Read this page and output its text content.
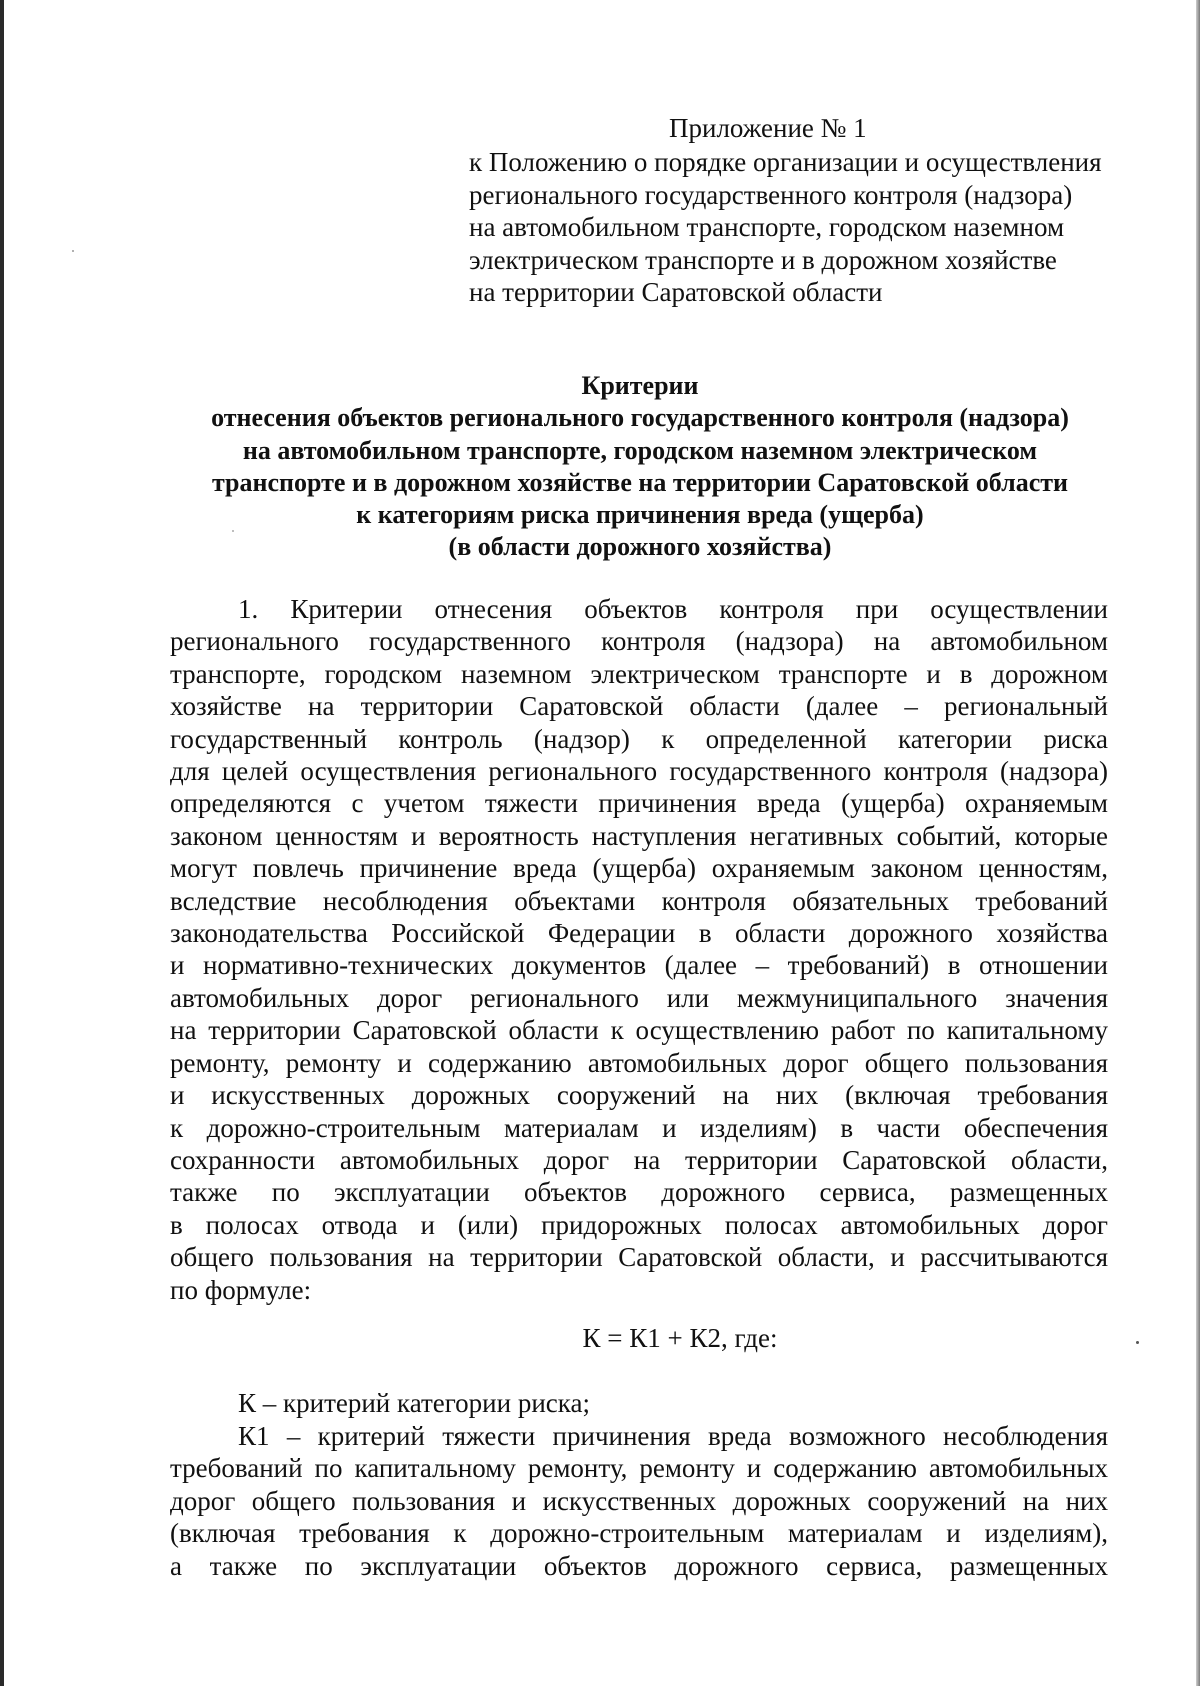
Приложение № 1
к Положению о порядке организации и осуществления
регионального государственного контроля (надзора)
на автомобильном транспорте, городском наземном
электрическом транспорте и в дорожном хозяйстве
на территории Саратовской области
Критерии
отнесения объектов регионального государственного контроля (надзора)
на автомобильном транспорте, городском наземном электрическом
транспорте и в дорожном хозяйстве на территории Саратовской области
к категориям риска причинения вреда (ущерба)
(в области дорожного хозяйства)
1. Критерии отнесения объектов контроля при осуществлении
регионального государственного контроля (надзора) на автомобильном
транспорте, городском наземном электрическом транспорте и в дорожном
хозяйстве на территории Саратовской области (далее – региональный
государственный контроль (надзор) к определенной категории риска
для целей осуществления регионального государственного контроля (надзора)
определяются с учетом тяжести причинения вреда (ущерба) охраняемым
законом ценностям и вероятность наступления негативных событий, которые
могут повлечь причинение вреда (ущерба) охраняемым законом ценностям,
вследствие несоблюдения объектами контроля обязательных требований
законодательства Российской Федерации в области дорожного хозяйства
и нормативно-технических документов (далее – требований) в отношении
автомобильных дорог регионального или межмуниципального значения
на территории Саратовской области к осуществлению работ по капитальному
ремонту, ремонту и содержанию автомобильных дорог общего пользования
и искусственных дорожных сооружений на них (включая требования
к дорожно-строительным материалам и изделиям) в части обеспечения
сохранности автомобильных дорог на территории Саратовской области,
также по эксплуатации объектов дорожного сервиса, размещенных
в полосах отвода и (или) придорожных полосах автомобильных дорог
общего пользования на территории Саратовской области, и рассчитываются
по формуле:
К = К1 + К2, где:
К – критерий категории риска;
К1 – критерий тяжести причинения вреда возможного несоблюдения
требований по капитальному ремонту, ремонту и содержанию автомобильных
дорог общего пользования и искусственных дорожных сооружений на них
(включая требования к дорожно-строительным материалам и изделиям),
а также по эксплуатации объектов дорожного сервиса, размещенных
